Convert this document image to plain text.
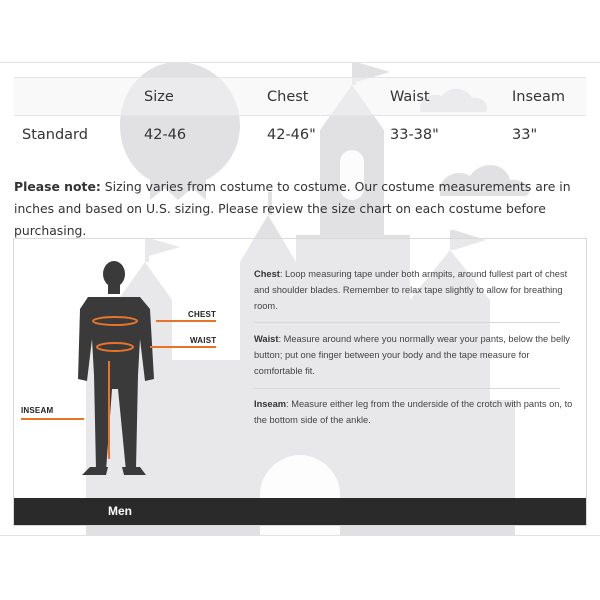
	Size	Chest	Waist	Inseam
Standard	42-46	42-46"	33-38"	33"
Please note: Sizing varies from costume to costume. Our costume measurements are in inches and based on U.S. sizing. Please review the size chart on each costume before purchasing.
CHEST
WAIST
INSEAM
Chest: Loop measuring tape under both armpits, around fullest part of chest and shoulder blades. Remember to relax tape slightly to allow for breathing room.
Waist: Measure around where you normally wear your pants, below the belly button; put one finger between your body and the tape measure for comfortable fit.
Inseam: Measure either leg from the underside of the crotch with pants on, to the bottom side of the ankle.
Men
